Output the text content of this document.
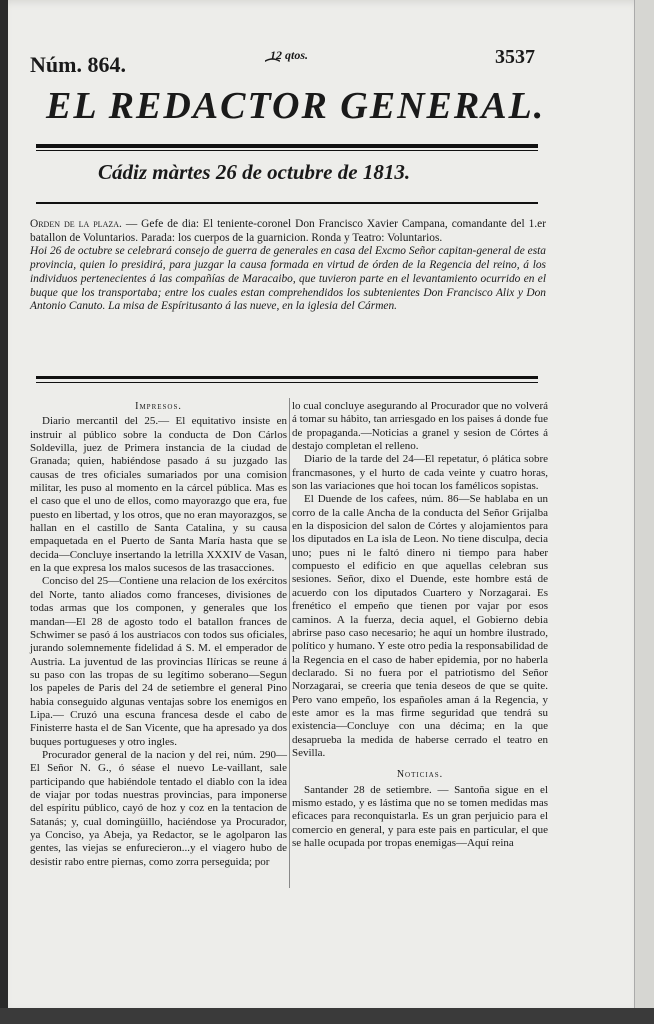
Núm. 864.	12 qtos.
⁀
3537
EL REDACTOR GENERAL.
Cádiz màrtes 26 de octubre de 1813.
Orden de la plaza. — Gefe de dia: El teniente-coronel Don Francisco Xavier Campana, comandante del 1.er batallon de Voluntarios. Parada: los cuerpos de la guarnicion. Ronda y Teatro: Voluntarios.
Hoi 26 de octubre se celebrará consejo de guerra de generales en casa del Excmo Señor capitan-general de esta provincia, quien lo presidirá, para juzgar la causa formada en virtud de órden de la Regencia del reino, á los individuos pertenecientes á las compañías de Maracaibo, que tuvieron parte en el levantamiento ocurrido en el buque que los transportaba; entre los cuales estan comprehendidos los subtenientes Don Francisco Alix y Don Antonio Canuto. La misa de Espíritusanto á las nueve, en la iglesia del Cármen.
Impresos.

Diario mercantil del 25.— El equitativo insiste en instruir al público sobre la conducta de Don Cárlos Soldevilla, juez de Primera instancia de la ciudad de Granada; quien, habiéndose pasado á su juzgado las causas de tres oficiales sumariados por una comision militar, les puso al momento en la cárcel pública. Mas es el caso que el uno de ellos, como mayorazgo que era, fue puesto en libertad, y los otros, que no eran mayorazgos, se hallan en el castillo de Santa Catalina, y su causa empaquetada en el Puerto de Santa María hasta que se decida—Concluye insertando la letrilla XXXIV de Vasan, en la que expresa los malos sucesos de las trasacciones.

Conciso del 25—Contiene una relacion de los exércitos del Norte, tanto aliados como franceses, divisiones de todas armas que los componen, y generales que los mandan—El 28 de agosto todo el batallon frances de Schwimer se pasó á los austriacos con todos sus oficiales, jurando solemnemente fidelidad á S. M. el emperador de Austria. La juventud de las provincias Ilíricas se reune á su paso con las tropas de su legítimo soberano—Segun los papeles de Paris del 24 de setiembre el general Pino habia conseguido algunas ventajas sobre los enemigos en Lipa.— Cruzó una escuna francesa desde el cabo de Finisterre hasta el de San Vicente, que ha apresado ya dos buques portugueses y otro ingles.

Procurador general de la nacion y del rei, núm. 290—El Señor N. G., ó séase el nuevo Le-vaillant, sale participando que habiéndole tentado el diablo con la idea de viajar por todas nuestras provincias, para imponerse del espíritu público, cayó de hoz y coz en la tentacion de Satanás; y, cual domingüillo, haciéndose ya Procurador, ya Conciso, ya Abeja, ya Redactor, se le agolparon las gentes, las viejas se enfurecieron...y el viagero hubo de desistir rabo entre piernas, como zorra perseguida; por

lo cual concluye asegurando al Procurador que no volverá á tomar su hábito, tan arriesgado en los paises á donde fue de propaganda.—Noticias a granel y sesion de Córtes á destajo completan el relleno.

Diario de la tarde del 24—El repetatur, ó plática sobre francmasones, y el hurto de cada veinte y cuatro horas, son las variaciones que hoi tocan los famélicos sopistas.

El Duende de los cafees, núm. 86—Se hablaba en un corro de la calle Ancha de la conducta del Señor Grijalba en la disposicion del salon de Córtes y alojamientos para los diputados en La isla de Leon. No tiene disculpa, decia uno; pues ni le faltó dinero ni tiempo para haber compuesto el edificio en que aquellas celebran sus sesiones. Señor, dixo el Duende, este hombre está de acuerdo con los diputados Cuartero y Norzagarai. Es frenético el empeño que tienen por vajar por esos caminos. A la fuerza, decia aquel, el Gobierno debia abrirse paso caso necesario; he aquí un hombre ilustrado, político y humano. Y este otro pedia la responsabilidad de la Regencia en el caso de haber epidemia, por no haberla declarado. Si no fuera por el patriotismo del Señor Norzagarai, se creeria que tenia deseos de que se quite. Pero vano empeño, los españoles aman á la Regencia, y este amor es la mas firme seguridad que tendrá su existencia—Concluye con una décima; en la que desaprueba la medida de haberse cerrado el teatro en Sevilla.

Noticias.

Santander 28 de setiembre. — Santoña sigue en el mismo estado, y es lástima que no se tomen medidas mas eficaces para reconquistarla. Es un gran perjuicio para el comercio en general, y para este pais en particular, el que se halle ocupada por tropas enemigas—Aquí reina
